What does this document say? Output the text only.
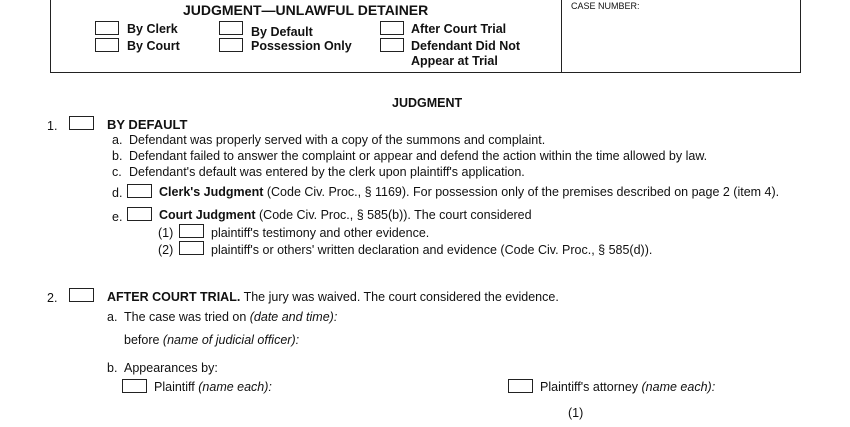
JUDGMENT—UNLAWFUL DETAINER	CASE NUMBER:
By Clerk
By Court
By Default
Possession Only
After Court Trial
Defendant Did Not
Appear at Trial
JUDGMENT
1.	BY DEFAULT
a. Defendant was properly served with a copy of the summons and complaint.
b. Defendant failed to answer the complaint or appear and defend the action within the time allowed by law.
c. Defendant's default was entered by the clerk upon plaintiff's application.
d.	Clerk's Judgment (Code Civ. Proc., § 1169). For possession only of the premises described on page 2 (item 4).
e.	Court Judgment (Code Civ. Proc., § 585(b)). The court considered
(1)	plaintiff's testimony and other evidence.
(2)	plaintiff's or others' written declaration and evidence (Code Civ. Proc., § 585(d)).
2.	AFTER COURT TRIAL. The jury was waived. The court considered the evidence.
a. The case was tried on (date and time):
before (name of judicial officer):
b. Appearances by:
Plaintiff (name each):	Plaintiff's attorney (name each):
(1)
